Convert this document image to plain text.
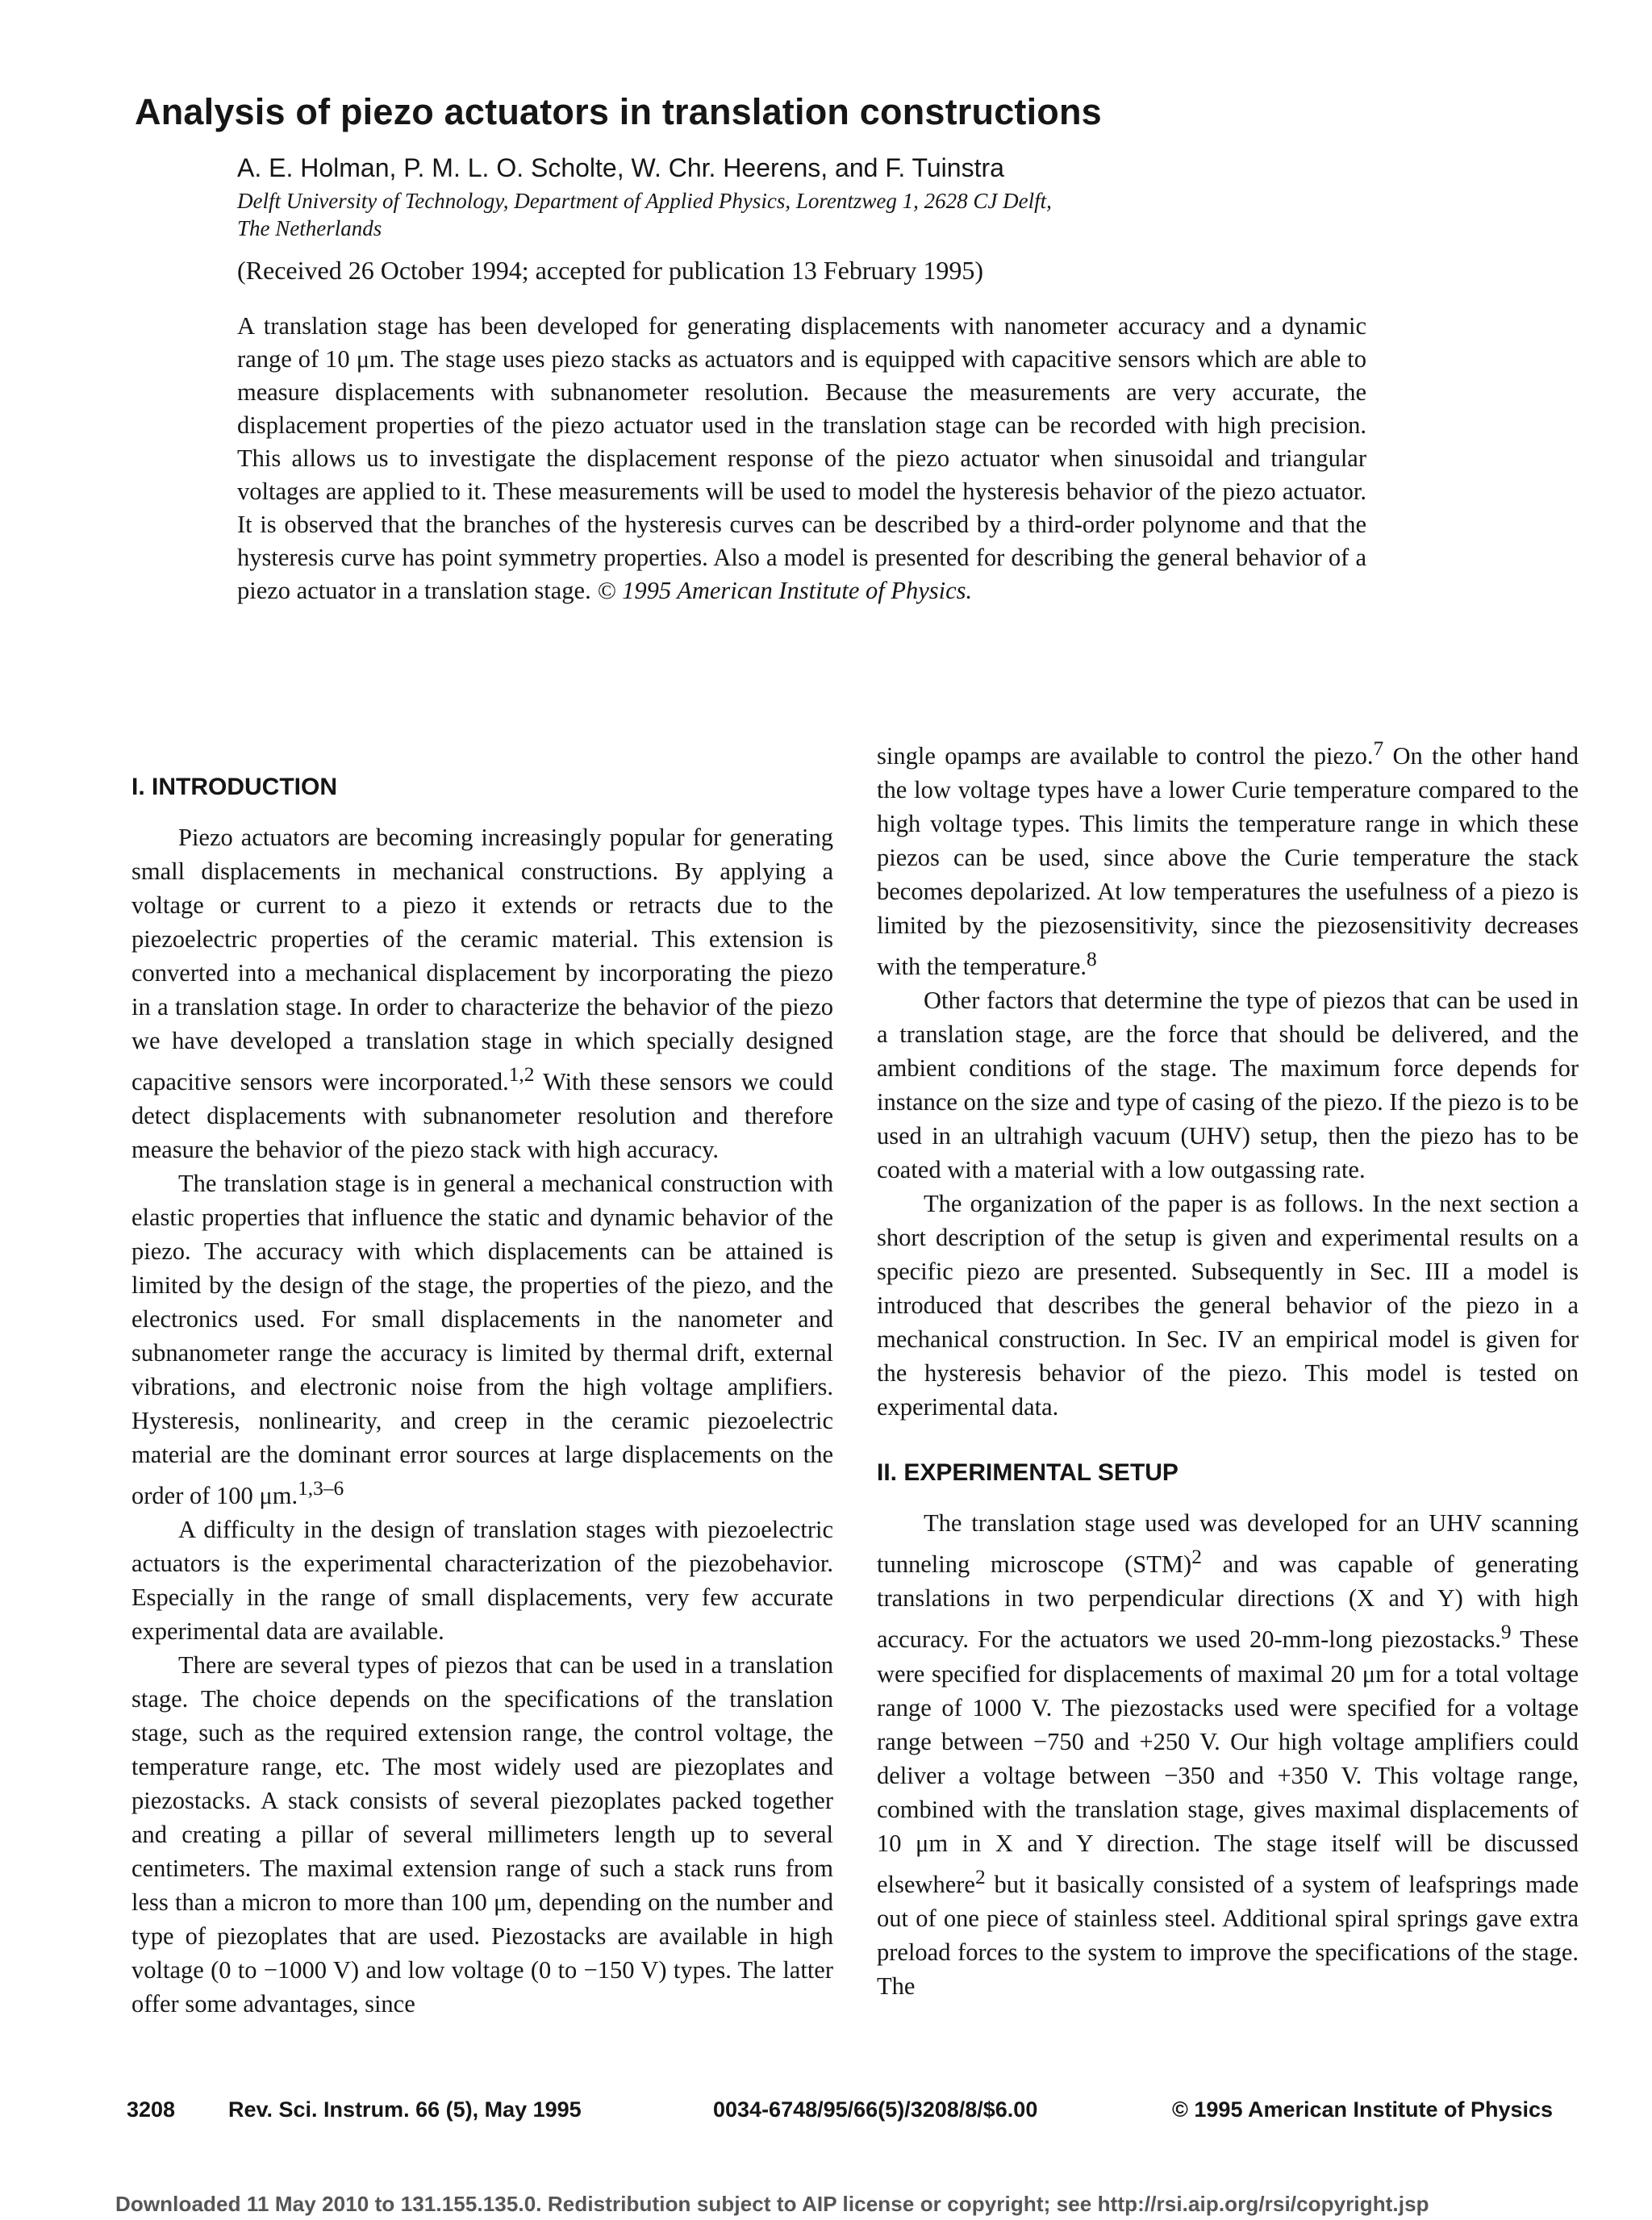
Analysis of piezo actuators in translation constructions
A. E. Holman, P. M. L. O. Scholte, W. Chr. Heerens, and F. Tuinstra
Delft University of Technology, Department of Applied Physics, Lorentzweg 1, 2628 CJ Delft,
The Netherlands
(Received 26 October 1994; accepted for publication 13 February 1995)
A translation stage has been developed for generating displacements with nanometer accuracy and a dynamic range of 10 μm. The stage uses piezo stacks as actuators and is equipped with capacitive sensors which are able to measure displacements with subnanometer resolution. Because the measurements are very accurate, the displacement properties of the piezo actuator used in the translation stage can be recorded with high precision. This allows us to investigate the displacement response of the piezo actuator when sinusoidal and triangular voltages are applied to it. These measurements will be used to model the hysteresis behavior of the piezo actuator. It is observed that the branches of the hysteresis curves can be described by a third-order polynome and that the hysteresis curve has point symmetry properties. Also a model is presented for describing the general behavior of a piezo actuator in a translation stage. © 1995 American Institute of Physics.
I. INTRODUCTION

Piezo actuators are becoming increasingly popular for generating small displacements in mechanical constructions. By applying a voltage or current to a piezo it extends or retracts due to the piezoelectric properties of the ceramic material. This extension is converted into a mechanical displacement by incorporating the piezo in a translation stage. In order to characterize the behavior of the piezo we have developed a translation stage in which specially designed capacitive sensors were incorporated.$^{1,2}$ With these sensors we could detect displacements with subnanometer resolution and therefore measure the behavior of the piezo stack with high accuracy.

The translation stage is in general a mechanical construction with elastic properties that influence the static and dynamic behavior of the piezo. The accuracy with which displacements can be attained is limited by the design of the stage, the properties of the piezo, and the electronics used. For small displacements in the nanometer and subnanometer range the accuracy is limited by thermal drift, external vibrations, and electronic noise from the high voltage amplifiers. Hysteresis, nonlinearity, and creep in the ceramic piezoelectric material are the dominant error sources at large displacements on the order of 100 μm.$^{1,3-6}$

A difficulty in the design of translation stages with piezoelectric actuators is the experimental characterization of the piezobehavior. Especially in the range of small displacements, very few accurate experimental data are available.

There are several types of piezos that can be used in a translation stage. The choice depends on the specifications of the translation stage, such as the required extension range, the control voltage, the temperature range, etc. The most widely used are piezoplates and piezostacks. A stack consists of several piezoplates packed together and creating a pillar of several millimeters length up to several centimeters. The maximal extension range of such a stack runs from less than a micron to more than 100 μm, depending on the number and type of piezoplates that are used. Piezostacks are available in high voltage (0 to −1000 V) and low voltage (0 to −150 V) types. The latter offer some advantages, since

single opamps are available to control the piezo.$^7$ On the other hand the low voltage types have a lower Curie temperature compared to the high voltage types. This limits the temperature range in which these piezos can be used, since above the Curie temperature the stack becomes depolarized. At low temperatures the usefulness of a piezo is limited by the piezosensitivity, since the piezosensitivity decreases with the temperature.$^8$

Other factors that determine the type of piezos that can be used in a translation stage, are the force that should be delivered, and the ambient conditions of the stage. The maximum force depends for instance on the size and type of casing of the piezo. If the piezo is to be used in an ultrahigh vacuum (UHV) setup, then the piezo has to be coated with a material with a low outgassing rate.

The organization of the paper is as follows. In the next section a short description of the setup is given and experimental results on a specific piezo are presented. Subsequently in Sec. III a model is introduced that describes the general behavior of the piezo in a mechanical construction. In Sec. IV an empirical model is given for the hysteresis behavior of the piezo. This model is tested on experimental data.

II. EXPERIMENTAL SETUP

The translation stage used was developed for an UHV scanning tunneling microscope (STM)$^2$ and was capable of generating translations in two perpendicular directions (X and Y) with high accuracy. For the actuators we used 20-mm-long piezostacks.$^9$ These were specified for displacements of maximal 20 μm for a total voltage range of 1000 V. The piezostacks used were specified for a voltage range between −750 and +250 V. Our high voltage amplifiers could deliver a voltage between −350 and +350 V. This voltage range, combined with the translation stage, gives maximal displacements of 10 μm in X and Y direction. The stage itself will be discussed elsewhere$^2$ but it basically consisted of a system of leafsprings made out of one piece of stainless steel. Additional spiral springs gave extra preload forces to the system to improve the specifications of the stage. The

3208 Rev. Sci. Instrum. 66 (5), May 1995	0034-6748/95/66(5)/3208/8/$6.00	© 1995 American Institute of Physics
Downloaded 11 May 2010 to 131.155.135.0. Redistribution subject to AIP license or copyright; see http://rsi.aip.org/rsi/copyright.jsp
